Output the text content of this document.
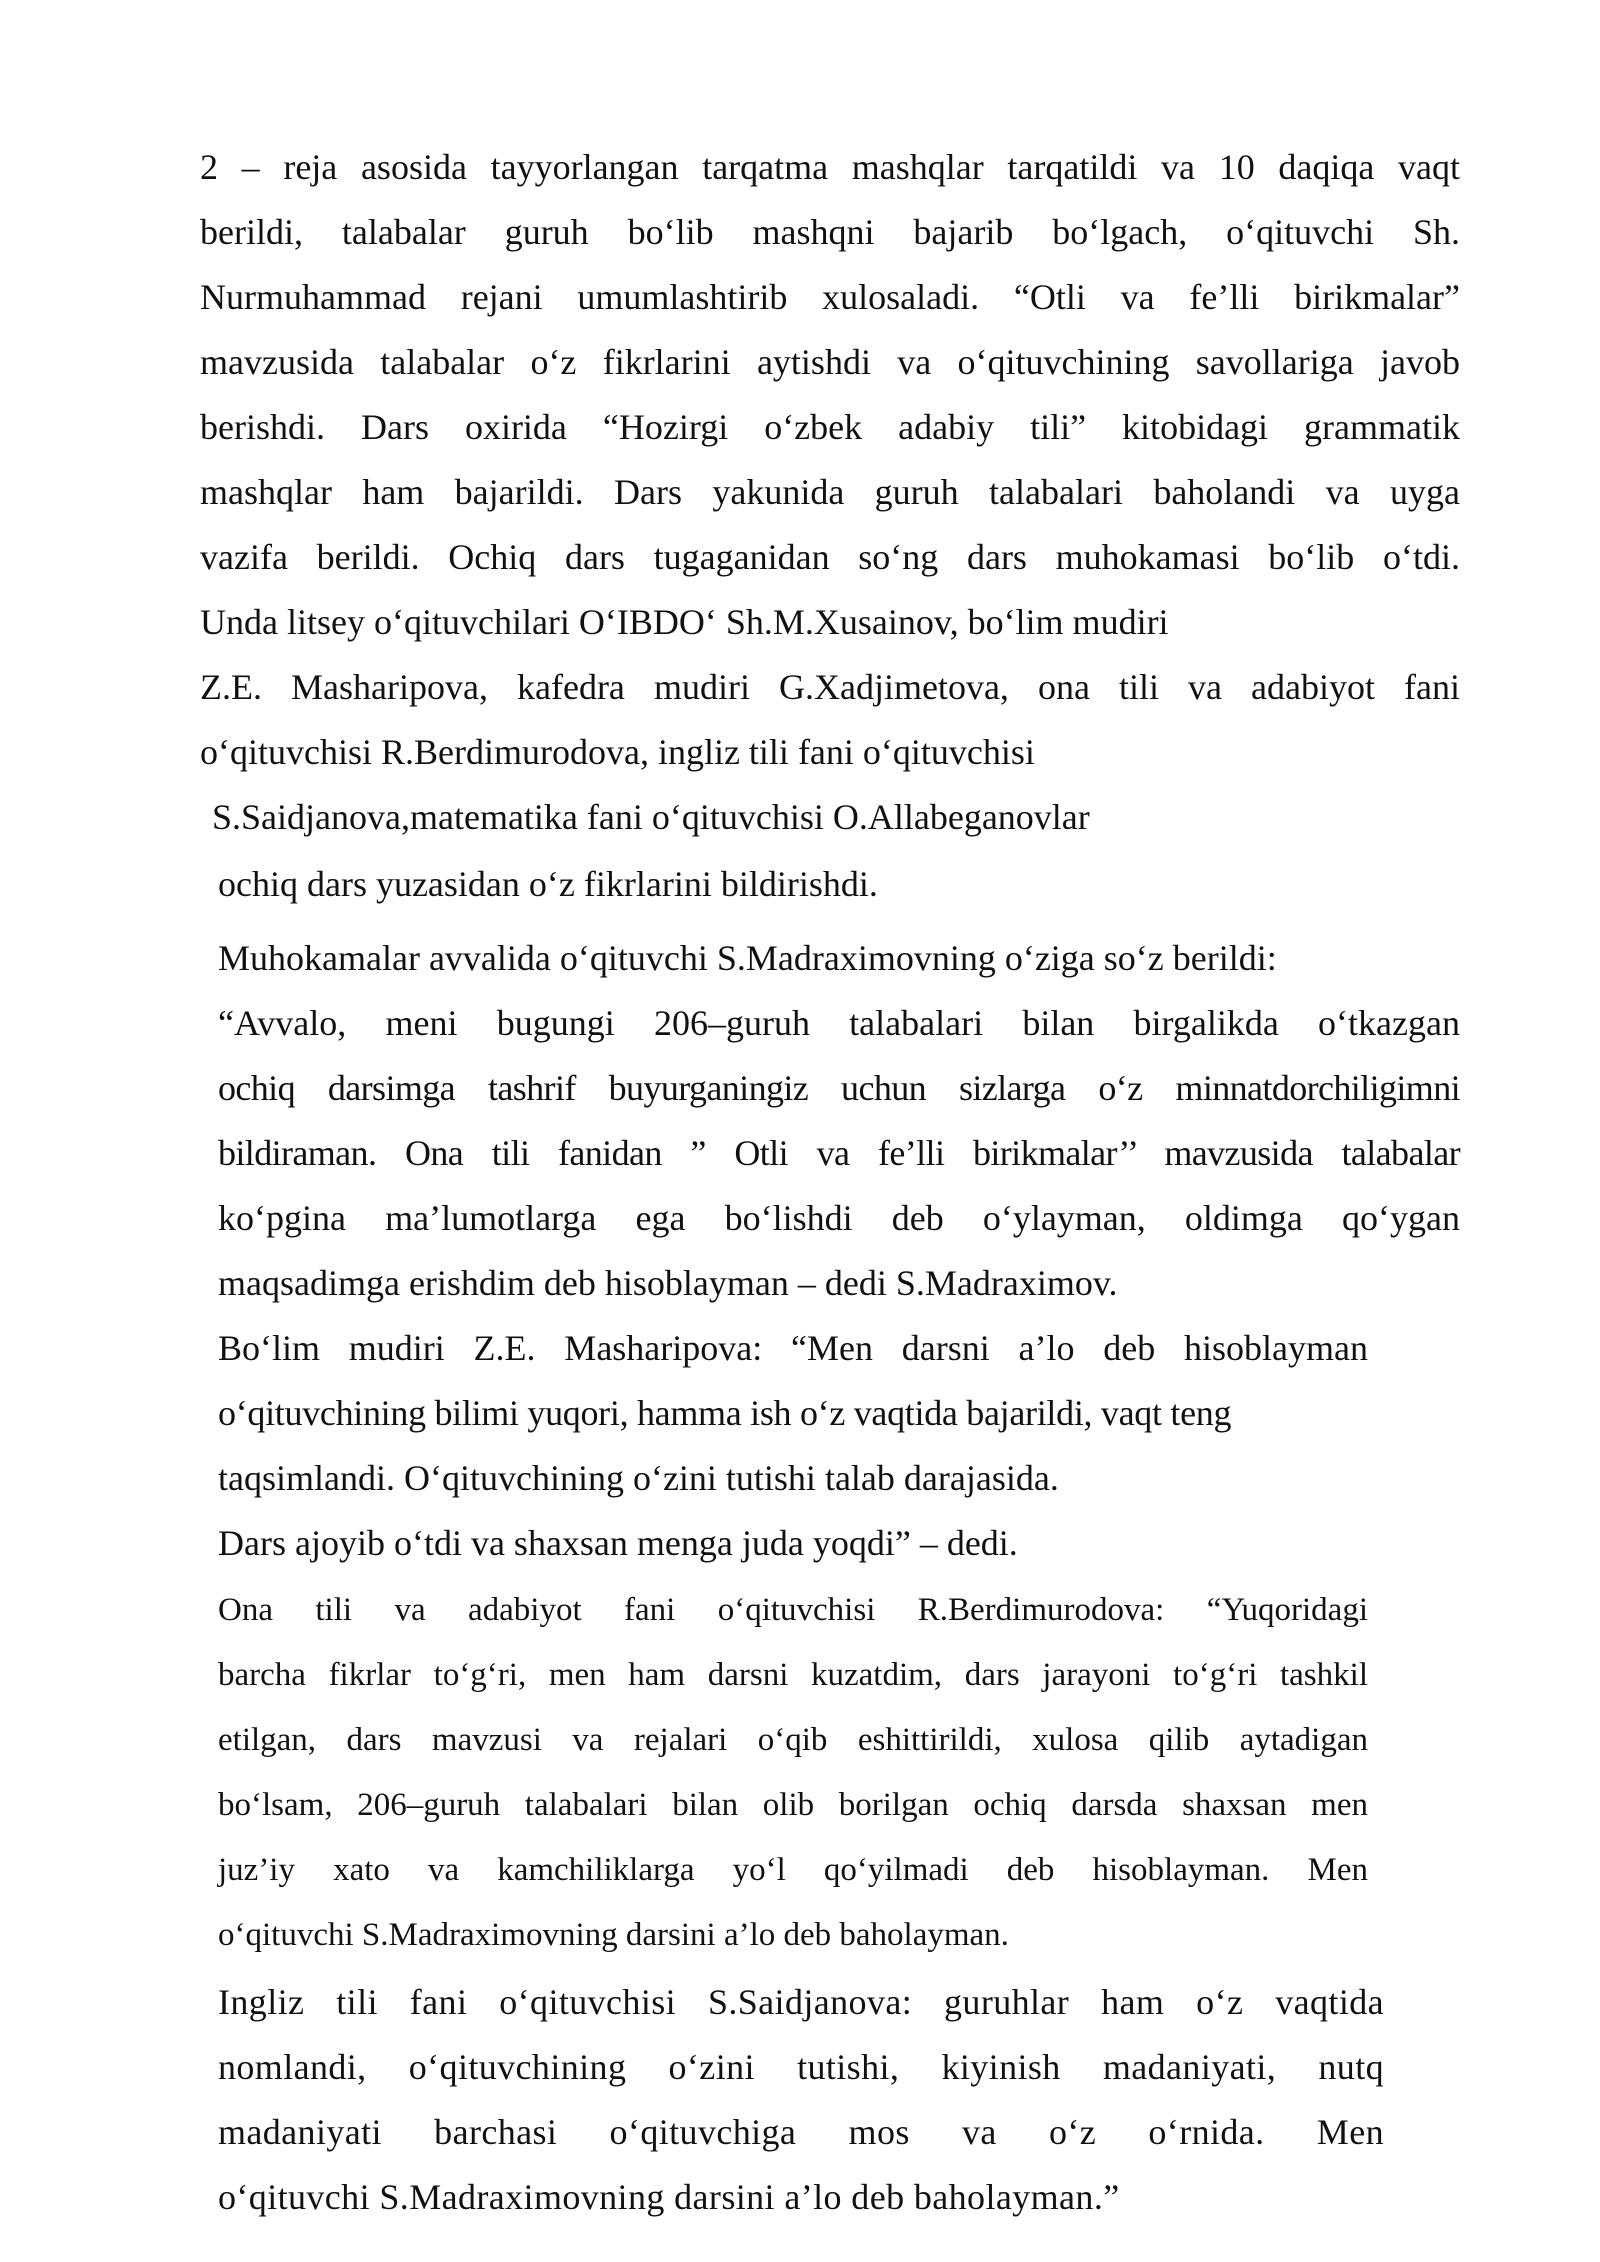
2 – reja asosida tayyorlangan tarqatma mashqlar tarqatildi va 10 daqiqa vaqt
berildi, talabalar guruh bo‘lib mashqni bajarib bo‘lgach, o‘qituvchi Sh.
Nurmuhammad rejani umumlashtirib xulosaladi. “Otli va fe’lli birikmalar”
mavzusida talabalar o‘z fikrlarini aytishdi va o‘qituvchining savollariga javob
berishdi. Dars oxirida “Hozirgi o‘zbek adabiy tili” kitobidagi grammatik
mashqlar ham bajarildi. Dars yakunida guruh talabalari baholandi va uyga
vazifa berildi. Ochiq dars tugaganidan so‘ng dars muhokamasi bo‘lib o‘tdi.
Unda litsey o‘qituvchilari O‘IBDO‘ Sh.M.Xusainov, bo‘lim mudiri
Z.E. Masharipova, kafedra mudiri G.Xadjimetova, ona tili va adabiyot fani
o‘qituvchisi R.Berdimurodova, ingliz tili fani o‘qituvchisi
S.Saidjanova,matematika fani o‘qituvchisi O.Allabeganovlar
ochiq dars yuzasidan o‘z fikrlarini bildirishdi.
Muhokamalar avvalida o‘qituvchi S.Madraximovning o‘ziga so‘z berildi:
“Avvalo, meni bugungi 206–guruh talabalari bilan birgalikda o‘tkazgan
ochiq darsimga tashrif buyurganingiz uchun sizlarga o‘z minnatdorchiligimni
bildiraman. Ona tili fanidan ” Otli va fe’lli birikmalar’’ mavzusida talabalar
ko‘pgina ma’lumotlarga ega bo‘lishdi deb o‘ylayman, oldimga qo‘ygan
maqsadimga erishdim deb hisoblayman – dedi S.Madraximov.
Bo‘lim mudiri Z.E. Masharipova: “Men darsni a’lo deb hisoblayman
o‘qituvchining bilimi yuqori, hamma ish o‘z vaqtida bajarildi, vaqt teng
taqsimlandi. O‘qituvchining o‘zini tutishi talab darajasida.
Dars ajoyib o‘tdi va shaxsan menga juda yoqdi” – dedi.
Ona tili va adabiyot fani o‘qituvchisi R.Berdimurodova: “Yuqoridagi
barcha fikrlar to‘g‘ri, men ham darsni kuzatdim, dars jarayoni to‘g‘ri tashkil
etilgan, dars mavzusi va rejalari o‘qib eshittirildi, xulosa qilib aytadigan
bo‘lsam, 206–guruh talabalari bilan olib borilgan ochiq darsda shaxsan men
juz’iy xato va kamchiliklarga yo‘l qo‘yilmadi deb hisoblayman. Men
o‘qituvchi S.Madraximovning darsini a’lo deb baholayman.
Ingliz tili fani o‘qituvchisi S.Saidjanova: guruhlar ham o‘z vaqtida
nomlandi, o‘qituvchining o‘zini tutishi, kiyinish madaniyati, nutq
madaniyati barchasi o‘qituvchiga mos va o‘z o‘rnida. Men
o‘qituvchi S.Madraximovning darsini a’lo deb baholayman.”
